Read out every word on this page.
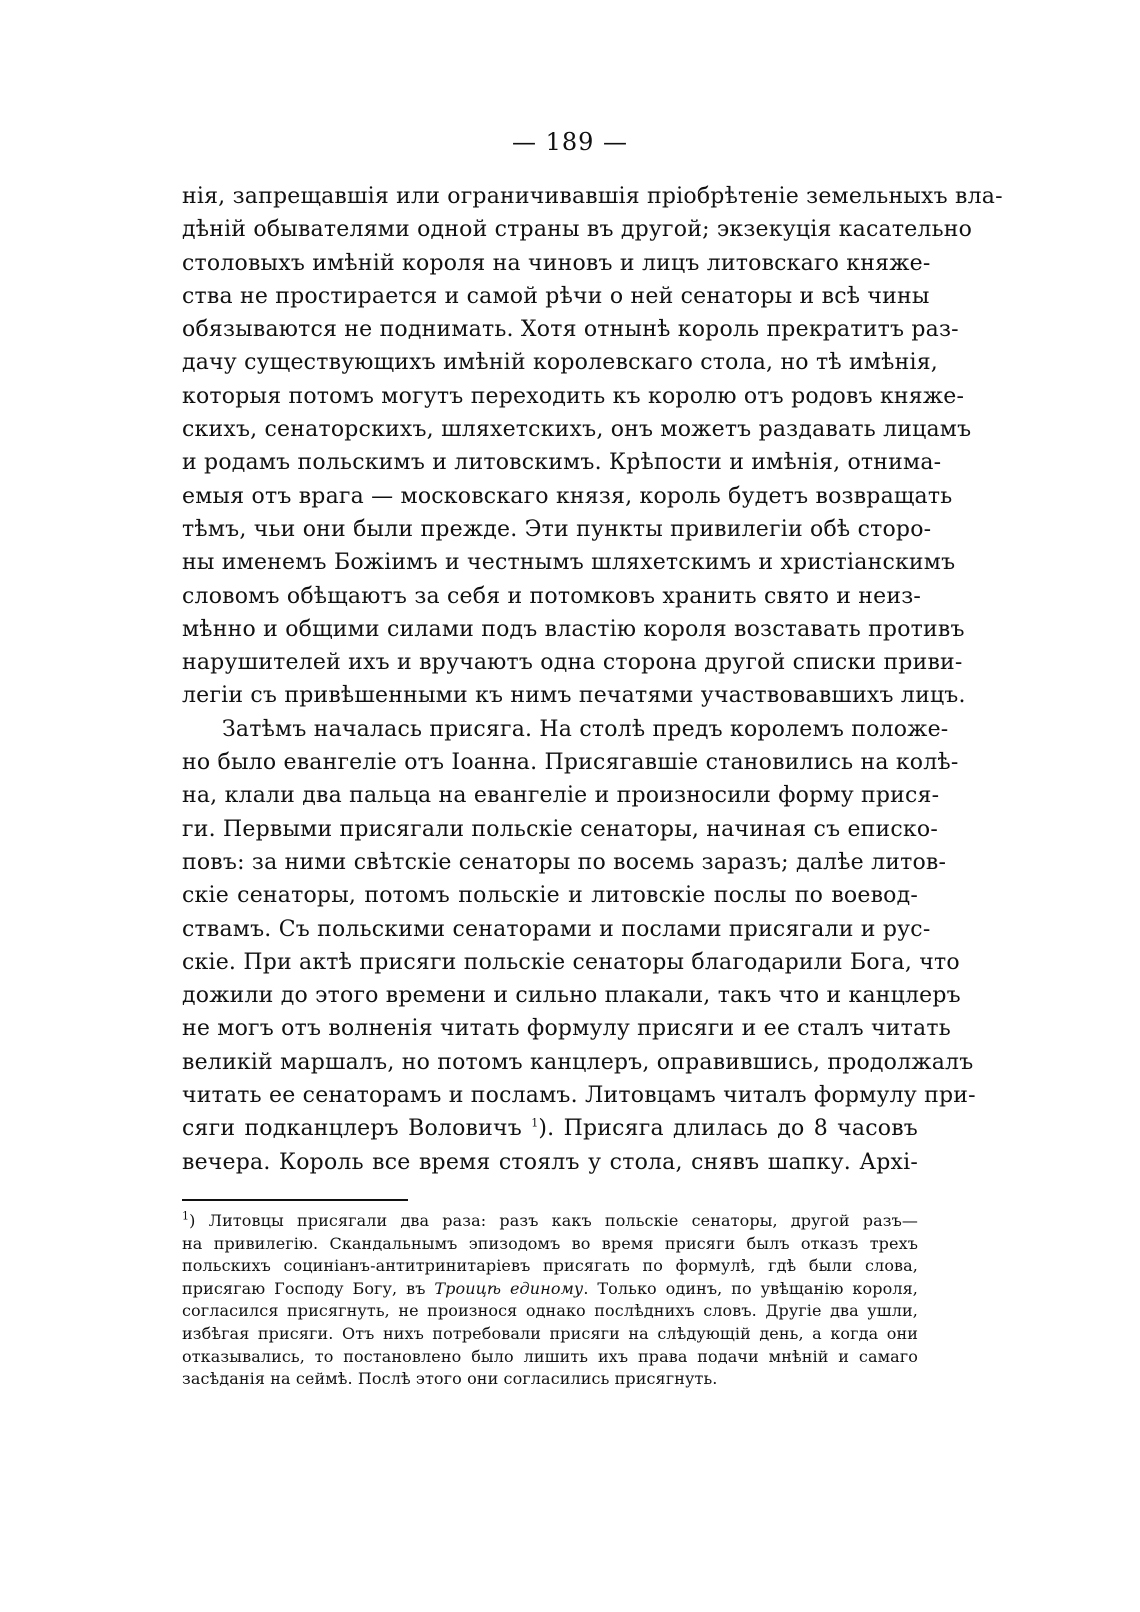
— 189 —
нія, запрещавшія или ограничивавшія пріобрѣтеніе земельныхъ вла-
дѣній обывателями одной страны въ другой; экзекуція касательно
столовыхъ имѣній короля на чиновъ и лицъ литовскаго княже-
ства не простирается и самой рѣчи о ней сенаторы и всѣ чины
обязываются не поднимать. Хотя отнынѣ король прекратитъ раз-
дачу существующихъ имѣній королевскаго стола, но тѣ имѣнія,
которыя потомъ могутъ переходить къ королю отъ родовъ княже-
скихъ, сенаторскихъ, шляхетскихъ, онъ можетъ раздавать лицамъ
и родамъ польскимъ и литовскимъ. Крѣпости и имѣнія, отнима-
емыя отъ врага — московскаго князя, король будетъ возвращать
тѣмъ, чьи они были прежде. Эти пункты привилегіи обѣ сторо-
ны именемъ Божіимъ и честнымъ шляхетскимъ и христіанскимъ
словомъ обѣщаютъ за себя и потомковъ хранить свято и неиз-
мѣнно и общими силами подъ властію короля возставать противъ
нарушителей ихъ и вручаютъ одна сторона другой списки приви-
легіи съ привѣшенными къ нимъ печатями участвовавшихъ лицъ.
Затѣмъ началась присяга. На столѣ предъ королемъ положе-
но было евангеліе отъ Іоанна. Присягавшіе становились на колѣ-
на, клали два пальца на евангеліе и произносили форму прися-
ги. Первыми присягали польскіе сенаторы, начиная съ еписко-
повъ: за ними свѣтскіе сенаторы по восемь заразъ; далѣе литов-
скіе сенаторы, потомъ польскіе и литовскіе послы по воевод-
ствамъ. Съ польскими сенаторами и послами присягали и рус-
скіе. При актѣ присяги польскіе сенаторы благодарили Бога, что
дожили до этого времени и сильно плакали, такъ что и канцлеръ
не могъ отъ волненія читать формулу присяги и ее сталъ читать
великій маршалъ, но потомъ канцлеръ, оправившись, продолжалъ
читать ее сенаторамъ и посламъ. Литовцамъ читалъ формулу при-
сяги подканцлеръ Воловичъ $^1$). Присяга длилась до 8 часовъ
вечера. Король все время стоялъ у стола, снявъ шапку. Архі-
$^1$) Литовцы присягали два раза: разъ какъ польскіе сенаторы, другой разъ—
на привилегію. Скандальнымъ эпизодомъ во время присяги былъ отказъ трехъ
польскихъ социніанъ-антитринитаріевъ присягать по формулѣ, гдѣ были слова,
присягаю Господу Богу, въ Троицѣ единому. Только одинъ, по увѣщанію короля,
согласился присягнуть, не произнося однако послѣднихъ словъ. Другіе два ушли,
избѣгая присяги. Отъ нихъ потребовали присяги на слѣдующій день, а когда они
отказывались, то постановлено было лишить ихъ права подачи мнѣній и самаго
засѣданія на сеймѣ. Послѣ этого они согласились присягнуть.
